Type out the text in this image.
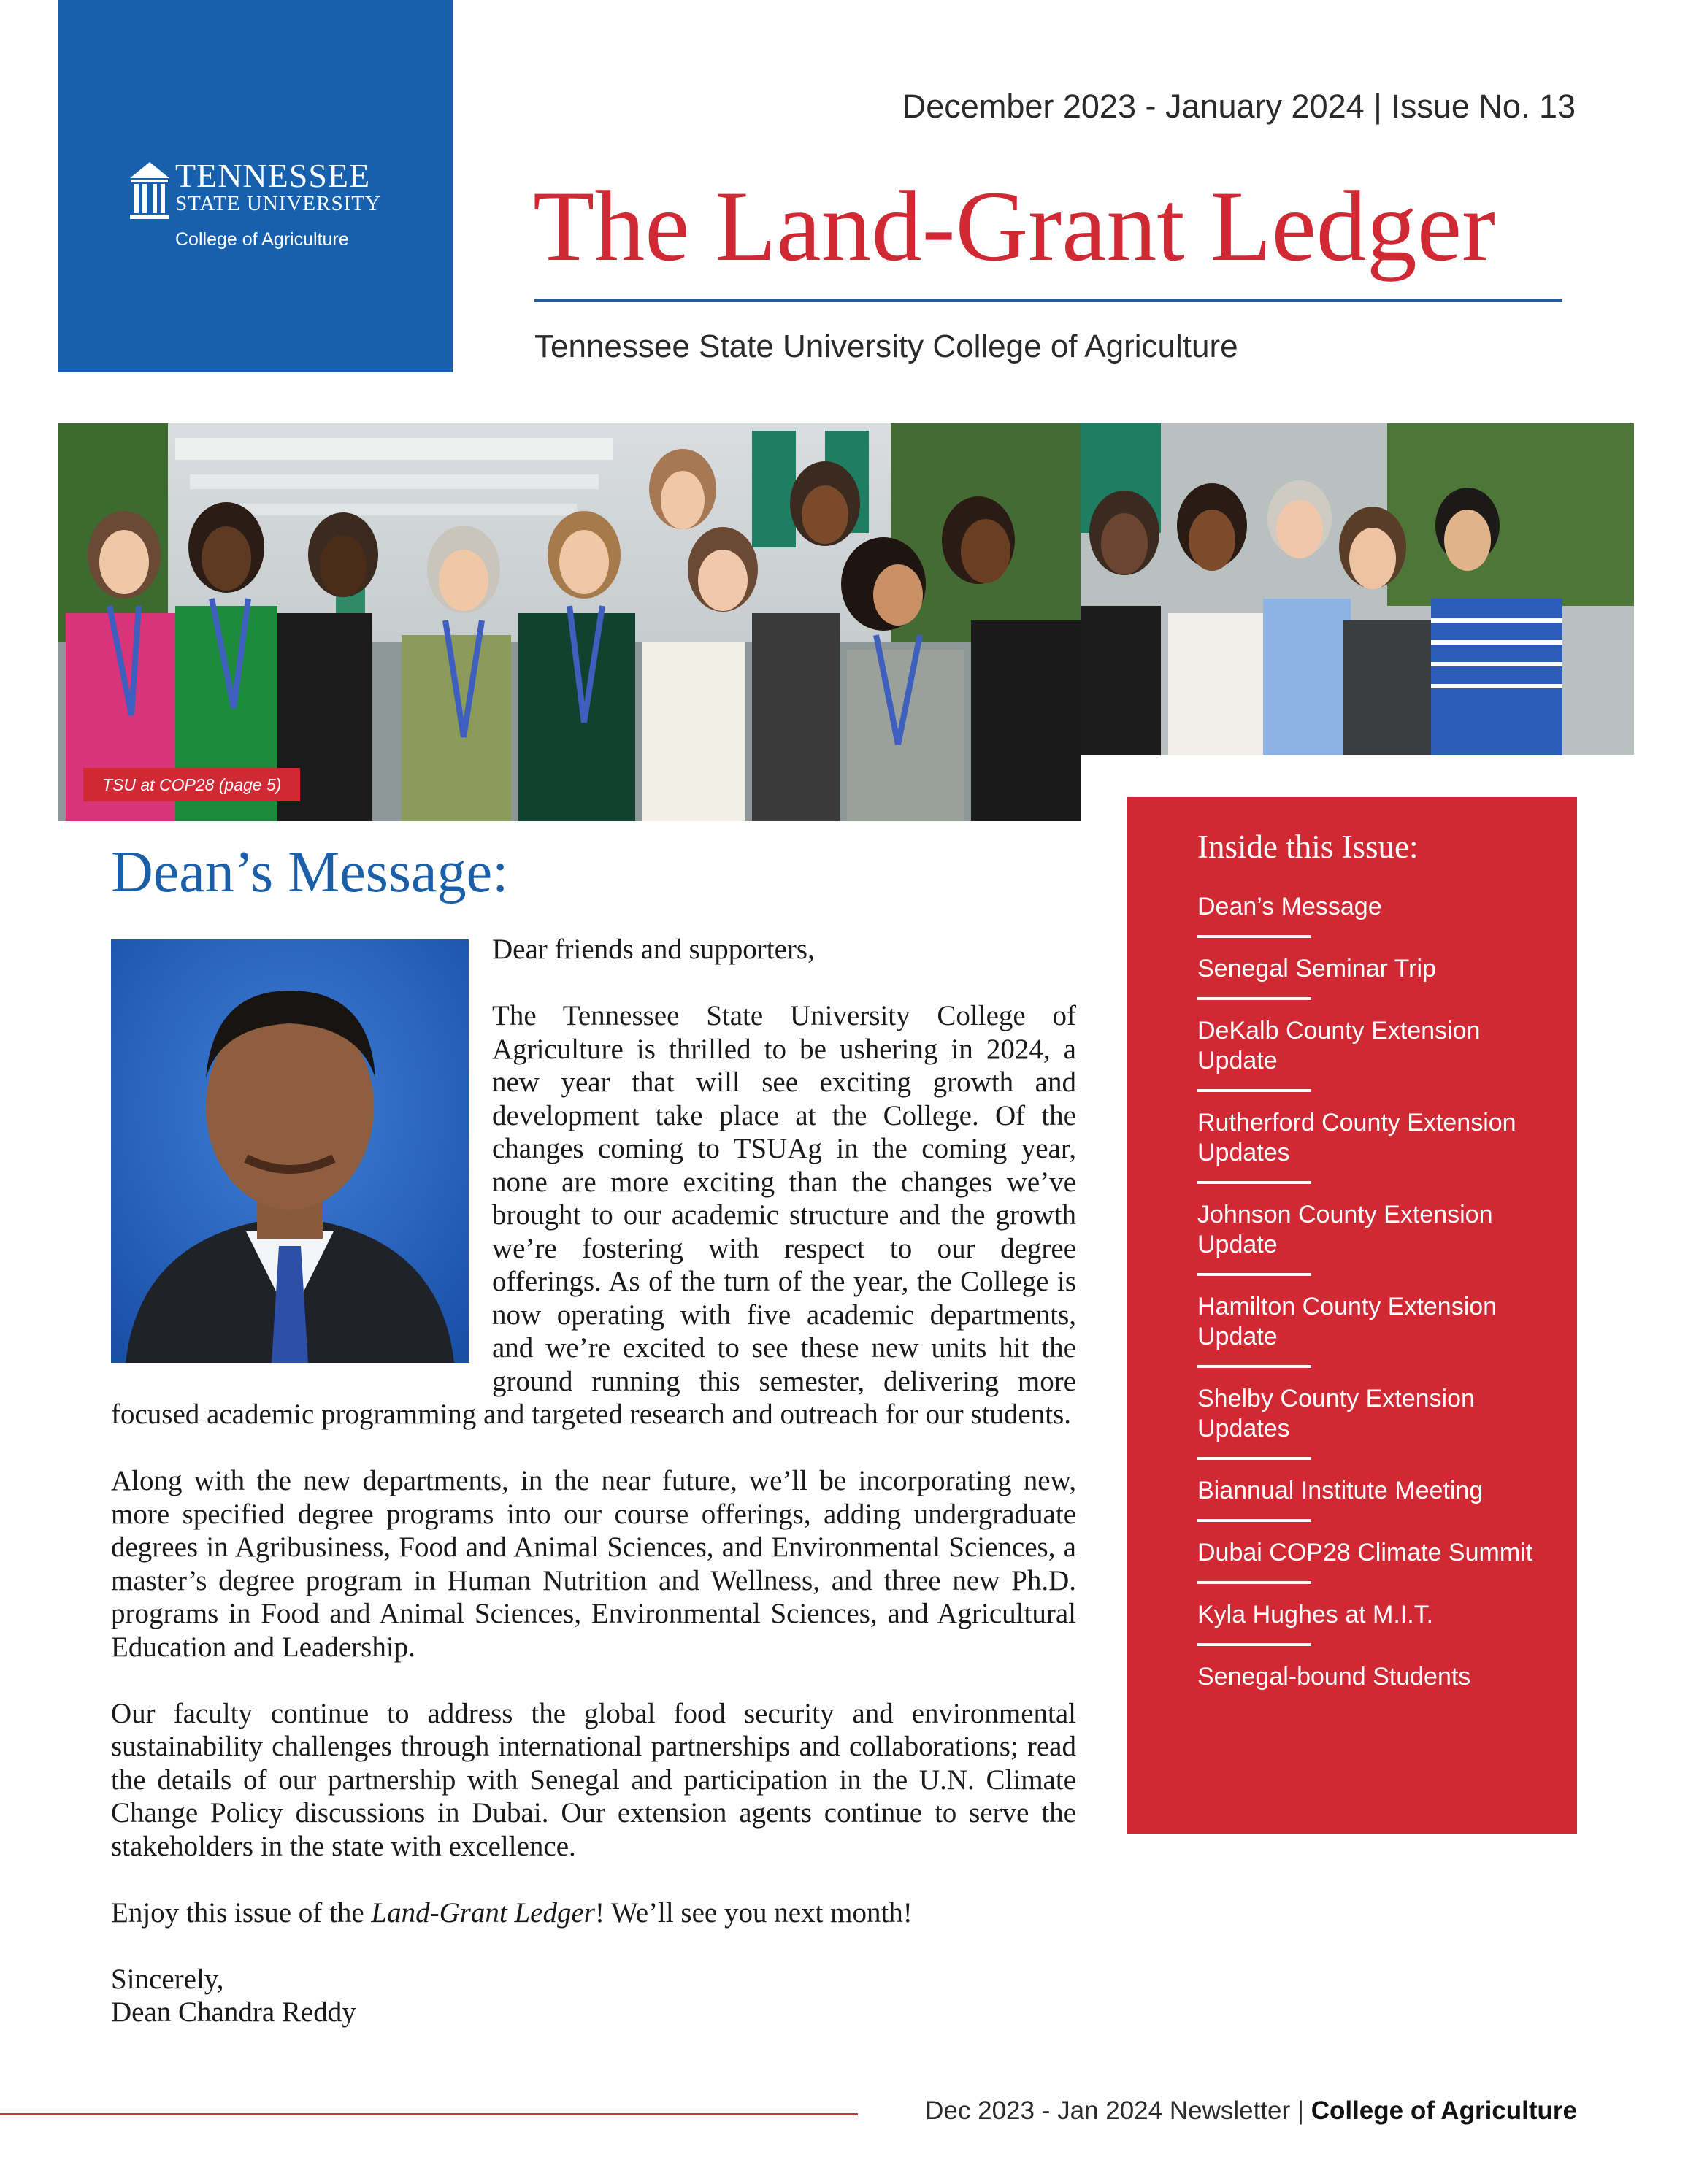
TENNESSEE
STATE UNIVERSITY
College of Agriculture
December 2023 - January 2024 | Issue No. 13
The Land-Grant Ledger
Tennessee State University College of Agriculture
TSU at COP28 (page 5)
Dean’s Message:

Dear friends and supporters,

The Tennessee State University College of Agriculture is thrilled to be ushering in 2024, a new year that will see exciting growth and development take place at the College. Of the changes coming to TSUAg in the coming year, none are more exciting than the changes we’ve brought to our academic structure and the growth we’re fostering with respect to our degree offerings. As of the turn of the year, the College is now operating with five academic departments, and we’re excited to see these new units hit the ground running this semester, delivering more focused academic programming and targeted research and outreach for our students.

Along with the new departments, in the near future, we’ll be incorporating new, more specified degree programs into our course offerings, adding undergraduate degrees in Agribusiness, Food and Animal Sciences, and Environmental Sciences, a master’s degree program in Human Nutrition and Wellness, and three new Ph.D. programs in Food and Animal Sciences, Environmental Sciences, and Agricultural Education and Leadership.

Our faculty continue to address the global food security and environmental sustainability challenges through international partnerships and collaborations; read the details of our partnership with Senegal and participation in the U.N. Climate Change Policy discussions in Dubai. Our extension agents continue to serve the stakeholders in the state with excellence.

Enjoy this issue of the Land-Grant Ledger! We’ll see you next month!

Sincerely,
Dean Chandra Reddy
Inside this Issue:
Dean’s Message
Senegal Seminar Trip
DeKalb County Extension Update
Rutherford County Extension Updates
Johnson County Extension Update
Hamilton County Extension Update
Shelby County Extension Updates
Biannual Institute Meeting
Dubai COP28 Climate Summit
Kyla Hughes at M.I.T.
Senegal-bound Students
Dec 2023 - Jan 2024 Newsletter | College of Agriculture
